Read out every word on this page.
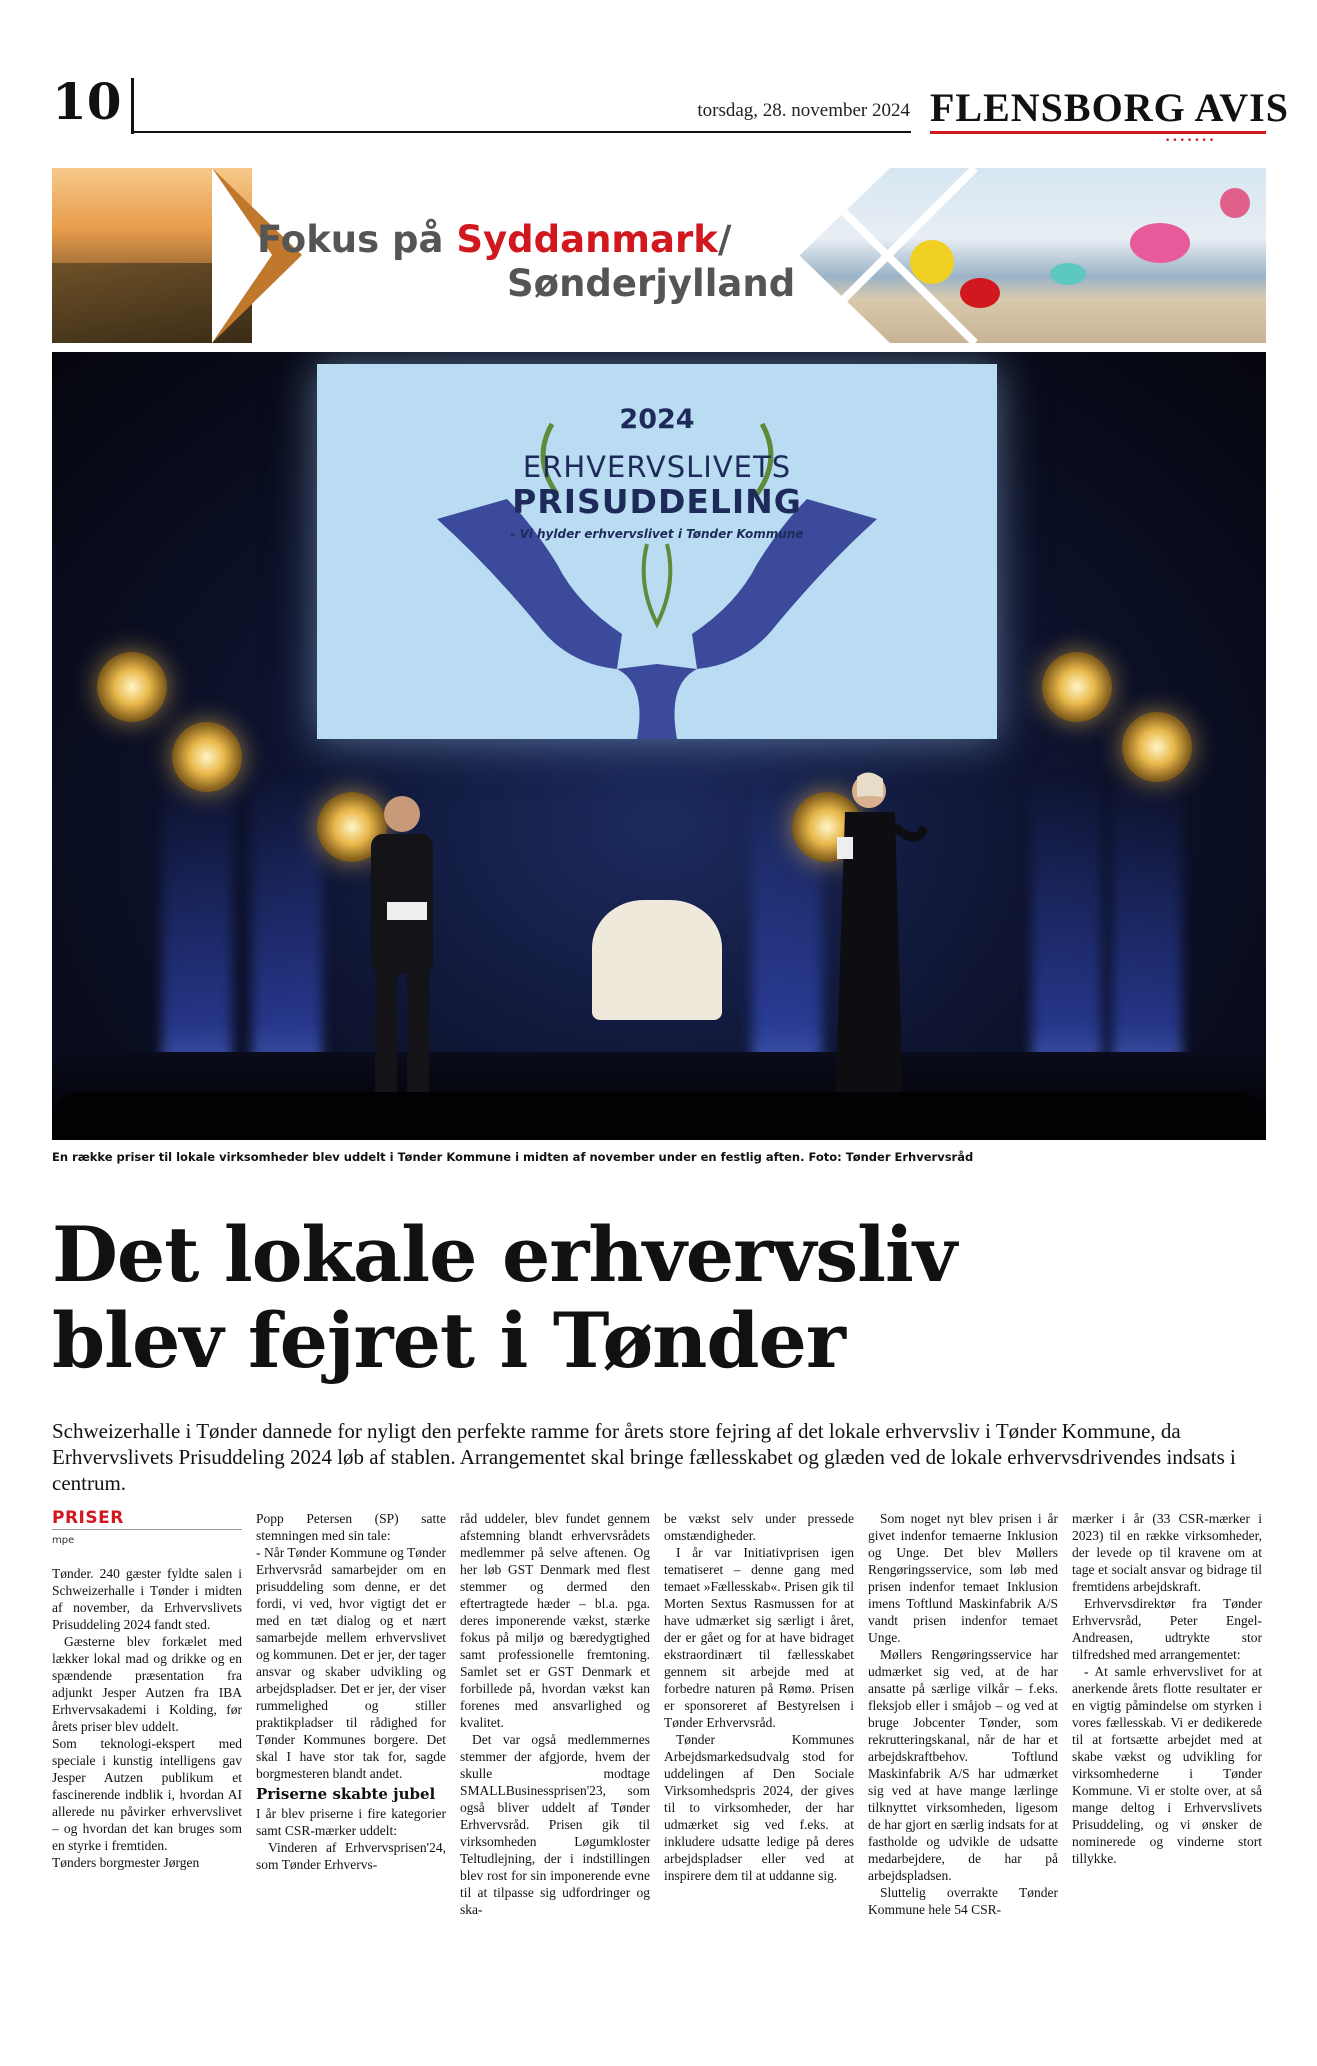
10	torsdag, 28. november 2024 FLENSBORG AVIS
•••••••
Fokus på Syddanmark/
Sønderjylland
2024
ERHVERVSLIVETS
PRISUDDELING
- Vi hylder erhvervslivet i Tønder Kommune
En række priser til lokale virksomheder blev uddelt i Tønder Kommune i midten af november under en festlig aften. Foto: Tønder Erhvervsråd
Det lokale erhvervsliv
blev fejret i Tønder
Schweizerhalle i Tønder dannede for nyligt den perfekte ramme for årets store fejring af det lokale erhvervsliv i Tønder Kommune, da Erhvervslivets Prisuddeling 2024 løb af stablen. Arrangementet skal bringe fællesskabet og glæden ved de lokale erhvervsdrivendes indsats i centrum.
PRISER
mpe

Tønder. 240 gæster fyldte salen i Schweizerhalle i Tønder i midten af november, da Erhvervslivets Prisuddeling 2024 fandt sted.

Gæsterne blev forkælet med lækker lokal mad og drikke og en spændende præsentation fra adjunkt Jesper Autzen fra IBA Erhvervsakademi i Kolding, før årets priser blev uddelt.

Som teknologi-ekspert med speciale i kunstig intelligens gav Jesper Autzen publikum et fascinerende indblik i, hvordan AI allerede nu påvirker erhvervslivet – og hvordan det kan bruges som en styrke i fremtiden.

Tønders borgmester Jørgen

Popp Petersen (SP) satte stemningen med sin tale:

- Når Tønder Kommune og Tønder Erhvervsråd samarbejder om en prisuddeling som denne, er det fordi, vi ved, hvor vigtigt det er med en tæt dialog og et nært samarbejde mellem erhvervslivet og kommunen. Det er jer, der tager ansvar og skaber udvikling og arbejdspladser. Det er jer, der viser rummelighed og stiller praktikpladser til rådighed for Tønder Kommunes borgere. Det skal I have stor tak for, sagde borgmesteren blandt andet.

Priserne skabte jubel

I år blev priserne i fire kategorier samt CSR-mærker uddelt:

Vinderen af Erhvervsprisen'24, som Tønder Erhvervs-

råd uddeler, blev fundet gennem afstemning blandt erhvervsrådets medlemmer på selve aftenen. Og her løb GST Denmark med flest stemmer og dermed den eftertragtede hæder – bl.a. pga. deres imponerende vækst, stærke fokus på miljø og bæredygtighed samt professionelle fremtoning. Samlet set er GST Denmark et forbillede på, hvordan vækst kan forenes med ansvarlighed og kvalitet.

Det var også medlemmernes stemmer der afgjorde, hvem der skulle modtage SMALLBusinessprisen'23, som også bliver uddelt af Tønder Erhvervsråd. Prisen gik til virksomheden Løgumkloster Teltudlejning, der i indstillingen blev rost for sin imponerende evne til at tilpasse sig udfordringer og ska-

be vækst selv under pressede omstændigheder.

I år var Initiativprisen igen tematiseret – denne gang med temaet »Fællesskab«. Prisen gik til Morten Sextus Rasmussen for at have udmærket sig særligt i året, der er gået og for at have bidraget ekstraordinært til fællesskabet gennem sit arbejde med at forbedre naturen på Rømø. Prisen er sponsoreret af Bestyrelsen i Tønder Erhvervsråd.

Tønder Kommunes Arbejdsmarkedsudvalg stod for uddelingen af Den Sociale Virksomhedspris 2024, der gives til to virksomheder, der har udmærket sig ved f.eks. at inkludere udsatte ledige på deres arbejdspladser eller ved at inspirere dem til at uddanne sig.

Som noget nyt blev prisen i år givet indenfor temaerne Inklusion og Unge. Det blev Møllers Rengøringsservice, som løb med prisen indenfor temaet Inklusion imens Toftlund Maskinfabrik A/S vandt prisen indenfor temaet Unge.

Møllers Rengøringsservice har udmærket sig ved, at de har ansatte på særlige vilkår – f.eks. fleksjob eller i småjob – og ved at bruge Jobcenter Tønder, som rekrutteringskanal, når de har et arbejdskraftbehov. Toftlund Maskinfabrik A/S har udmærket sig ved at have mange lærlinge tilknyttet virksomheden, ligesom de har gjort en særlig indsats for at fastholde og udvikle de udsatte medarbejdere, de har på arbejdspladsen.

Sluttelig overrakte Tønder Kommune hele 54 CSR-

mærker i år (33 CSR-mærker i 2023) til en række virksomheder, der levede op til kravene om at tage et socialt ansvar og bidrage til fremtidens arbejdskraft.

Erhvervsdirektør fra Tønder Erhvervsråd, Peter Engel-Andreasen, udtrykte stor tilfredshed med arrangementet:

- At samle erhvervslivet for at anerkende årets flotte resultater er en vigtig påmindelse om styrken i vores fællesskab. Vi er dedikerede til at fortsætte arbejdet med at skabe vækst og udvikling for virksomhederne i Tønder Kommune. Vi er stolte over, at så mange deltog i Erhvervslivets Prisuddeling, og vi ønsker de nominerede og vinderne stort tillykke.
